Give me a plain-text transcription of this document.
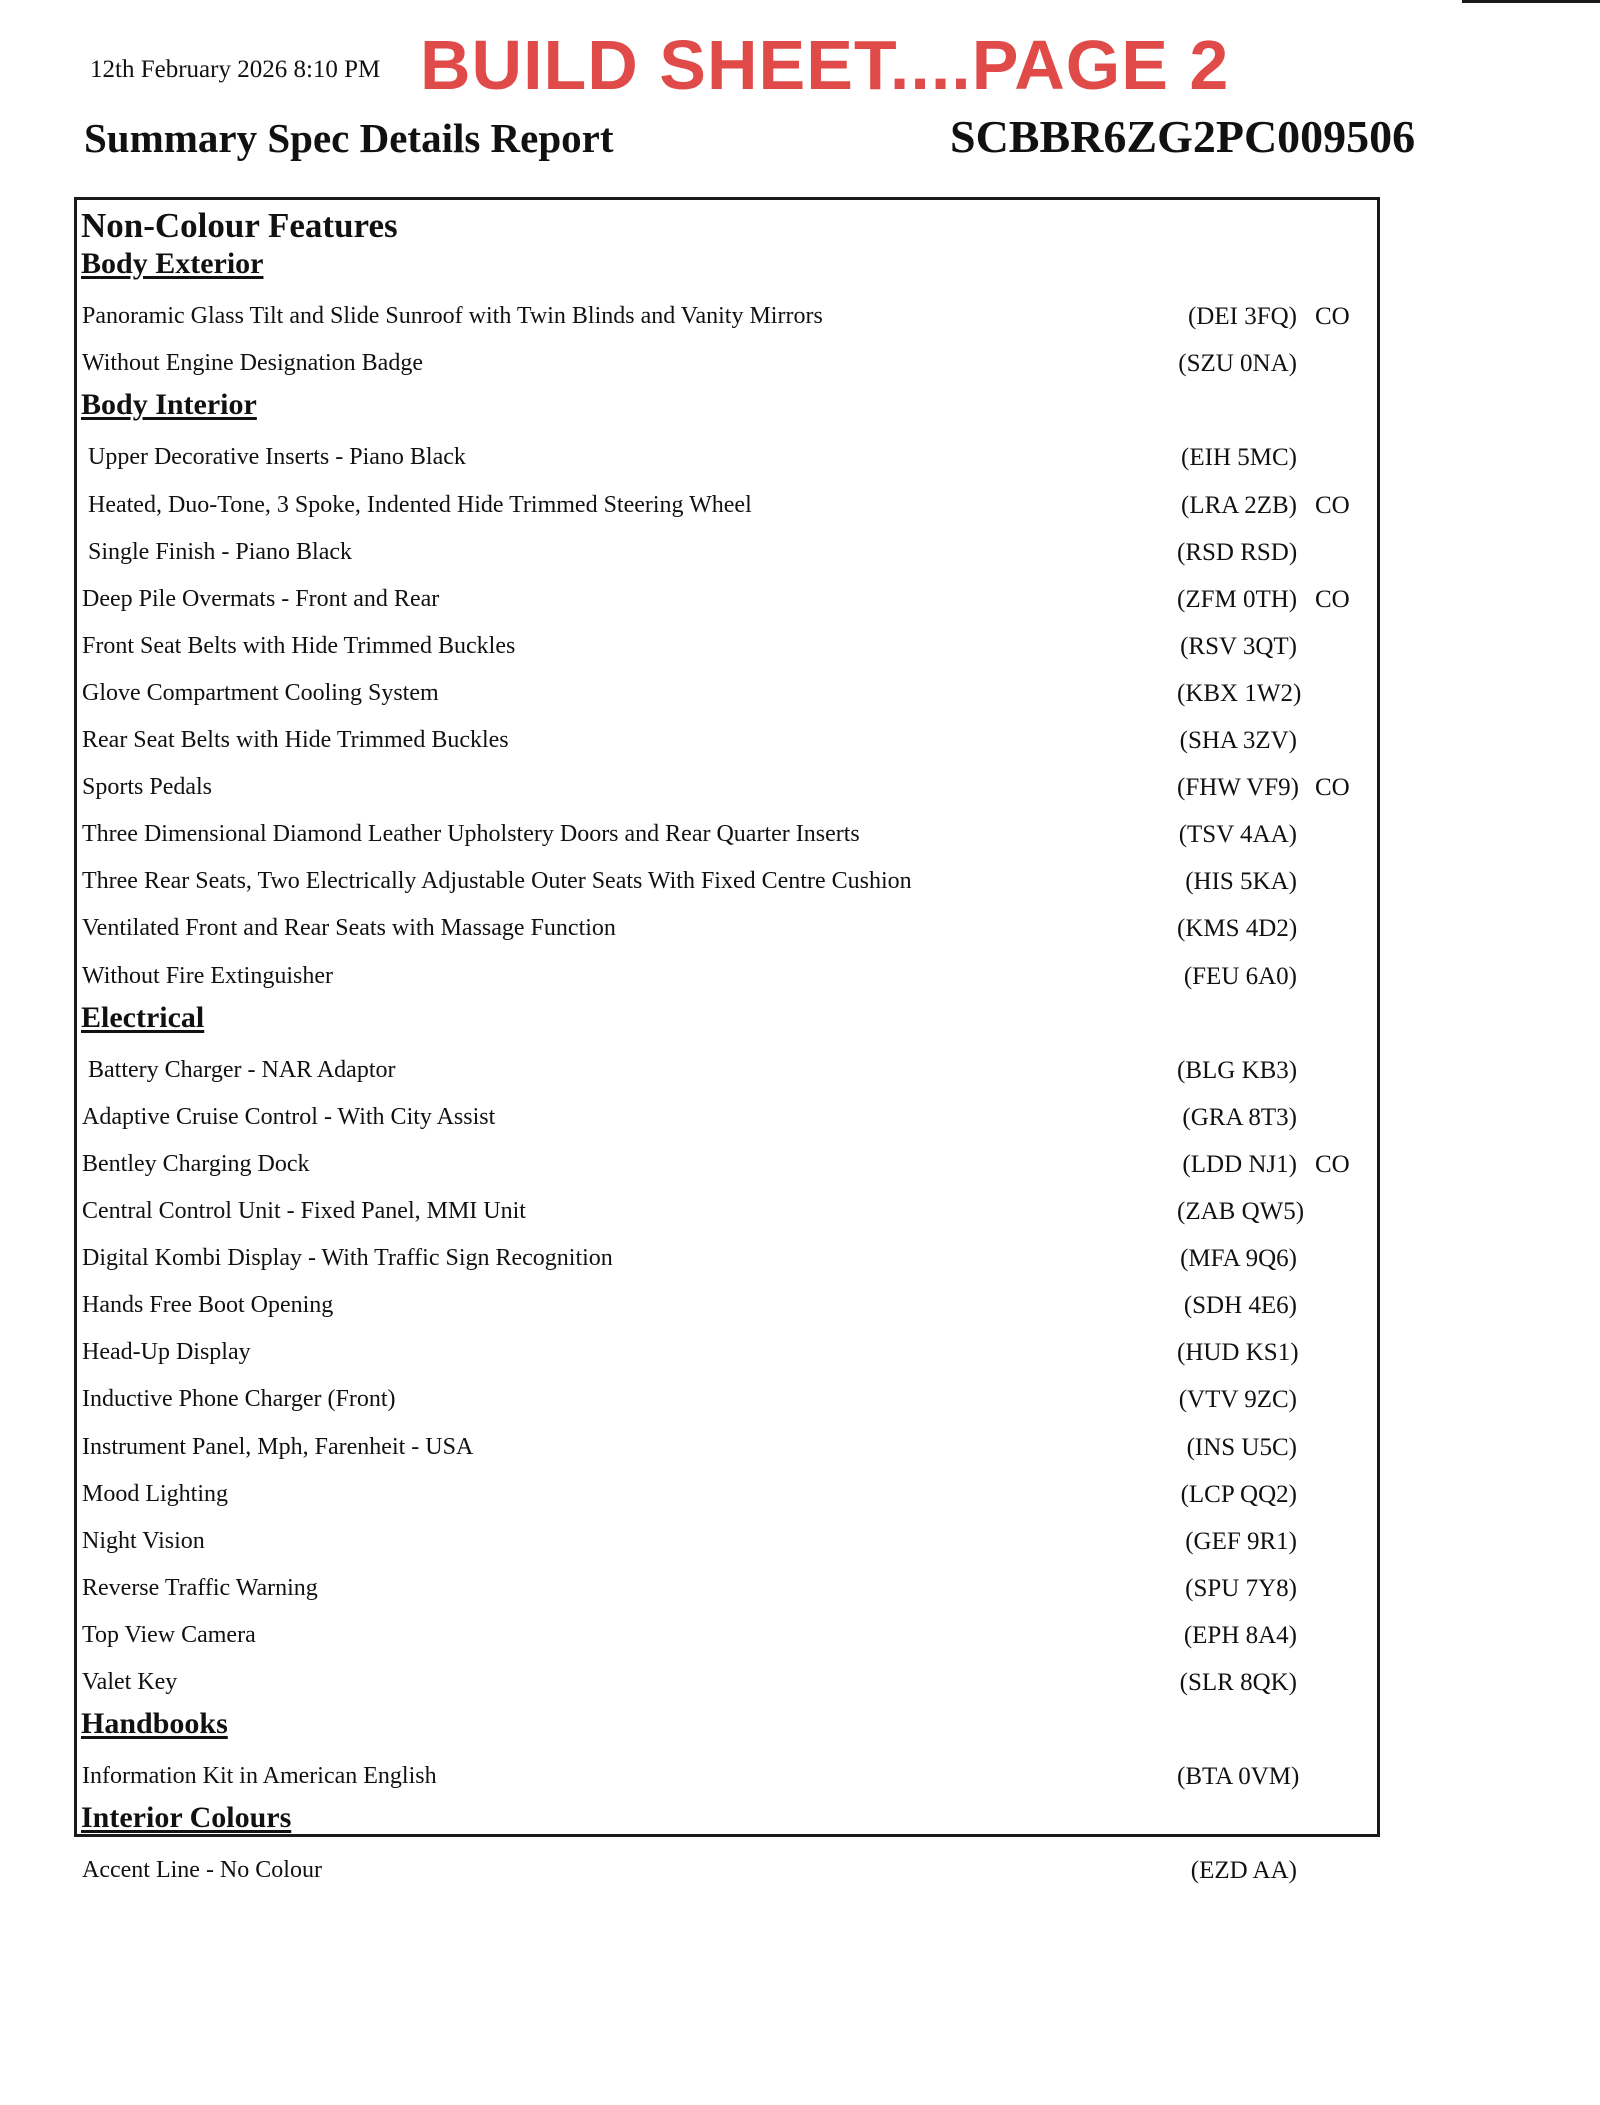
12th February 2026 8:10 PM BUILD SHEET....PAGE 2
Summary Spec Details Report	SCBBR6ZG2PC009506
Non-Colour Features
Body Exterior
Panoramic Glass Tilt and Slide Sunroof with Twin Blinds and Vanity Mirrors	(DEI 3FQ) CO
Without Engine Designation Badge	(SZU 0NA)
Body Interior
Upper Decorative Inserts - Piano Black	(EIH 5MC)
Heated, Duo-Tone, 3 Spoke, Indented Hide Trimmed Steering Wheel	(LRA 2ZB) CO
Single Finish - Piano Black	(RSD RSD)
Deep Pile Overmats - Front and Rear	(ZFM 0TH) CO
Front Seat Belts with Hide Trimmed Buckles	(RSV 3QT)
Glove Compartment Cooling System	(KBX 1W2)
Rear Seat Belts with Hide Trimmed Buckles	(SHA 3ZV)
Sports Pedals	(FHW VF9) CO
Three Dimensional Diamond Leather Upholstery Doors and Rear Quarter Inserts	(TSV 4AA)
Three Rear Seats, Two Electrically Adjustable Outer Seats With Fixed Centre Cushion	(HIS 5KA)
Ventilated Front and Rear Seats with Massage Function	(KMS 4D2)
Without Fire Extinguisher	(FEU 6A0)
Electrical
Battery Charger - NAR Adaptor	(BLG KB3)
Adaptive Cruise Control - With City Assist	(GRA 8T3)
Bentley Charging Dock	(LDD NJ1) CO
Central Control Unit - Fixed Panel, MMI Unit	(ZAB QW5)
Digital Kombi Display - With Traffic Sign Recognition	(MFA 9Q6)
Hands Free Boot Opening	(SDH 4E6)
Head-Up Display	(HUD KS1)
Inductive Phone Charger (Front)	(VTV 9ZC)
Instrument Panel, Mph, Farenheit - USA	(INS U5C)
Mood Lighting	(LCP QQ2)
Night Vision	(GEF 9R1)
Reverse Traffic Warning	(SPU 7Y8)
Top View Camera	(EPH 8A4)
Valet Key	(SLR 8QK)
Handbooks
Information Kit in American English	(BTA 0VM)
Interior Colours
Accent Line - No Colour	(EZD AA)
